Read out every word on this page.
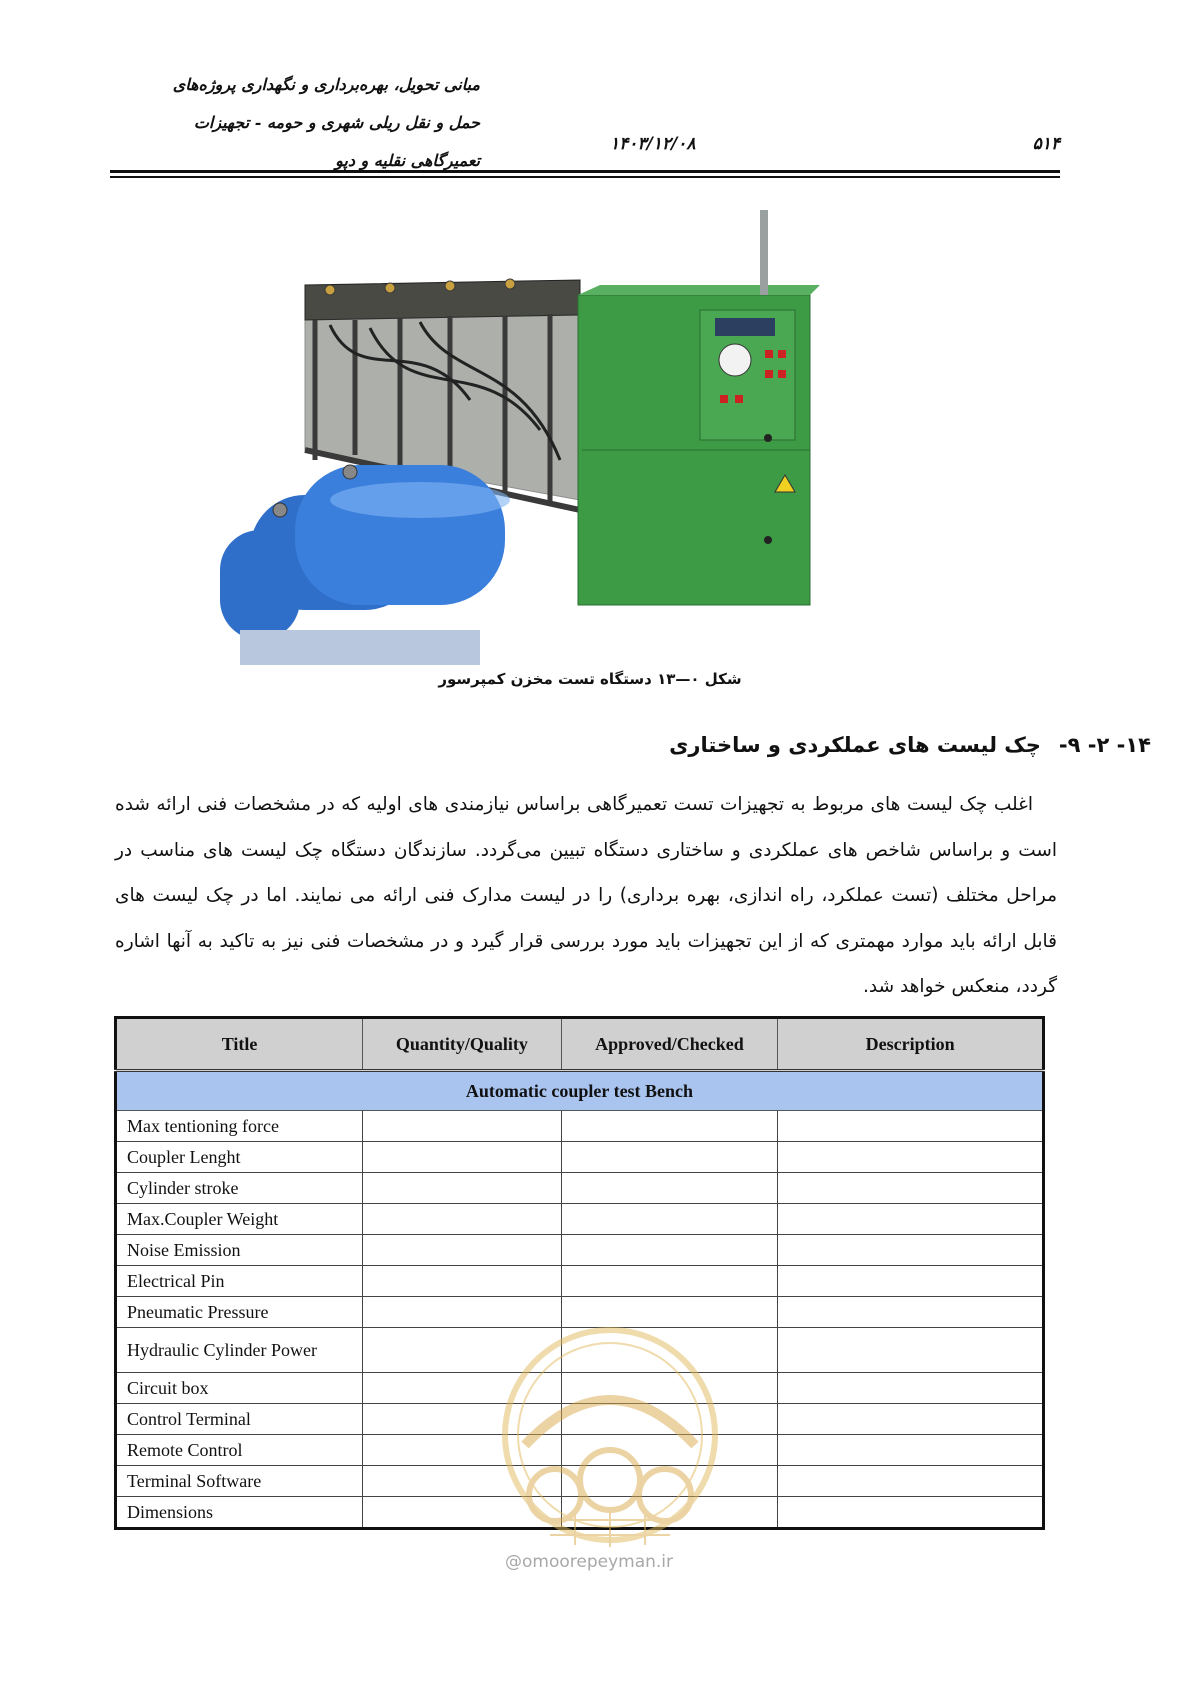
مبانی تحویل، بهره‌برداری و نگهداری پروژه‌های
حمل و نقل ریلی شهری و حومه - تجهیزات
تعمیرگاهی نقلیه و دپو
۱۴۰۳/۱۲/۰۸	۵۱۴
شکل ۰—۱۳ دستگاه تست مخزن کمپرسور
۱۴- ۲- ۹-چک لیست های عملکردی و ساختاری
اغلب چک لیست های مربوط به تجهیزات تست تعمیرگاهی براساس نیازمندی های اولیه که در مشخصات فنی ارائه شده است و براساس شاخص های عملکردی و ساختاری دستگاه تبیین می‌گردد. سازندگان دستگاه چک لیست های مناسب در مراحل مختلف (تست عملکرد، راه اندازی، بهره برداری) را در لیست مدارک فنی ارائه می نمایند. اما در چک لیست های قابل ارائه باید موارد مهمتری که از این تجهیزات باید مورد بررسی قرار گیرد و در مشخصات فنی نیز به تاکید به آنها اشاره گردد، منعکس خواهد شد.
Title	Quantity/Quality	Approved/Checked	Description
Automatic coupler test Bench			
Max tentioning force			
Coupler Lenght			
Cylinder stroke			
Max.Coupler Weight			
Noise Emission			
Electrical Pin			
Pneumatic Pressure			
Hydraulic Cylinder Power			
Circuit box			
Control Terminal			
Remote Control			
Terminal Software			
Dimensions			
@omoorepeyman.ir
